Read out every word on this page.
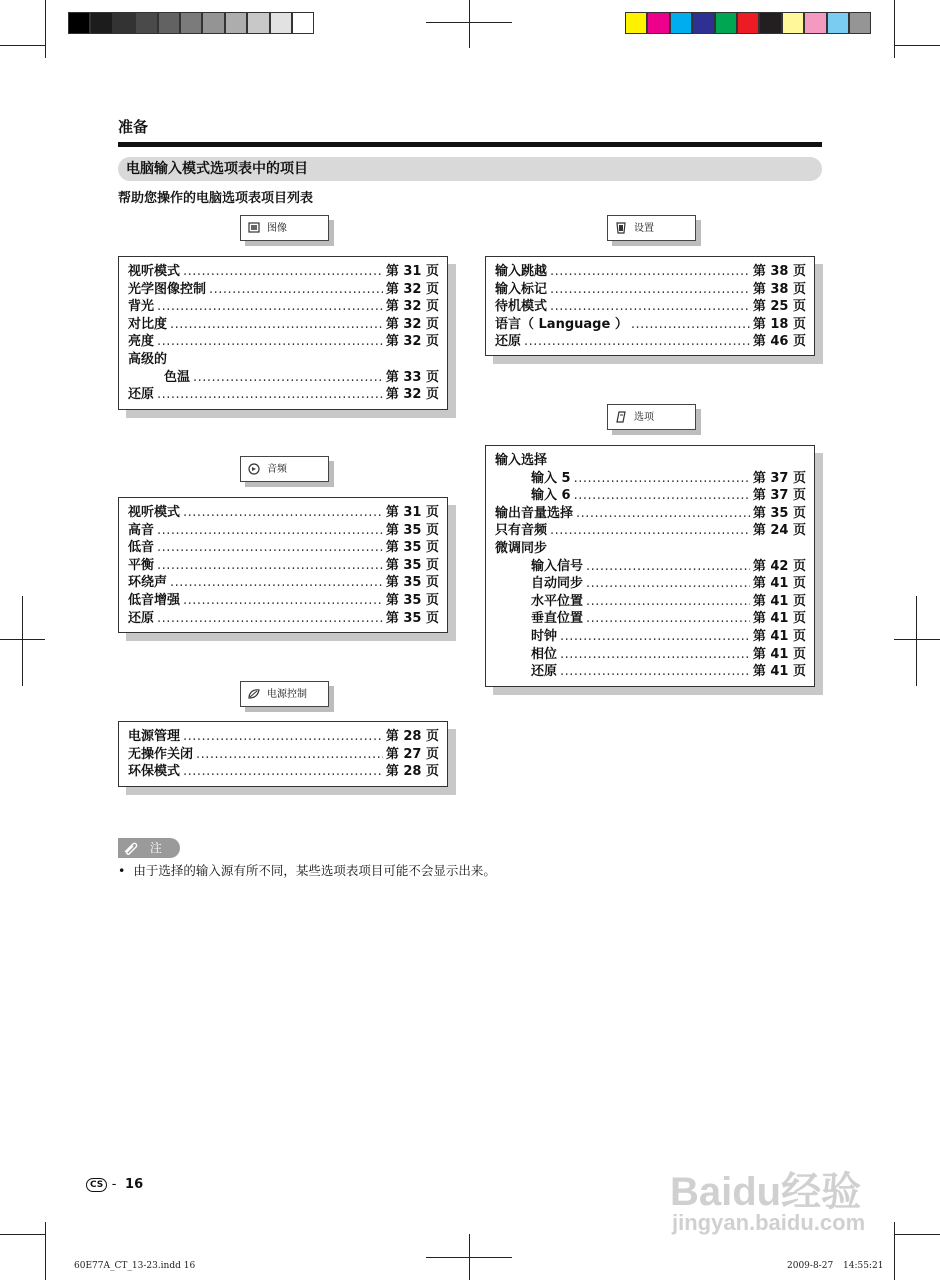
准备
电脑输入模式选项表中的项目
帮助您操作的电脑选项表项目列表
图像
视听模式 .....	第 31 页
光学图像控制 .....	第 32 页
背光 .....	第 32 页
对比度 .....	第 32 页
亮度 .....	第 32 页
高级的
色温 .....	第 33 页
还原 .....	第 32 页
音频
视听模式 .....	第 31 页
高音 .....	第 35 页
低音 .....	第 35 页
平衡 .....	第 35 页
环绕声 .....	第 35 页
低音增强 .....	第 35 页
还原 .....	第 35 页
电源控制
电源管理 .....	第 28 页
无操作关闭 .....	第 27 页
环保模式 .....	第 28 页
设置
输入跳越 .....	第 38 页
输入标记 .....	第 38 页
待机模式 .....	第 25 页
语言（ Language ） .....	第 18 页
还原 .....	第 46 页
选项
输入选择
输入 5 .....	第 37 页
输入 6 .....	第 37 页
输出音量选择 .....	第 35 页
只有音频 .....	第 24 页
微调同步
输入信号 .....	第 42 页
自动同步 .....	第 41 页
水平位置 .....	第 41 页
垂直位置 .....	第 41 页
时钟 .....	第 41 页
相位 .....	第 41 页
还原 .....	第 41 页
注
•  由于选择的输入源有所不同，某些选项表项目可能不会显示出来。
CS - 16
60E77A_CT_13-23.indd 16	2009-8-27 14:55:21
Baidu经验
jingyan.baidu.com
